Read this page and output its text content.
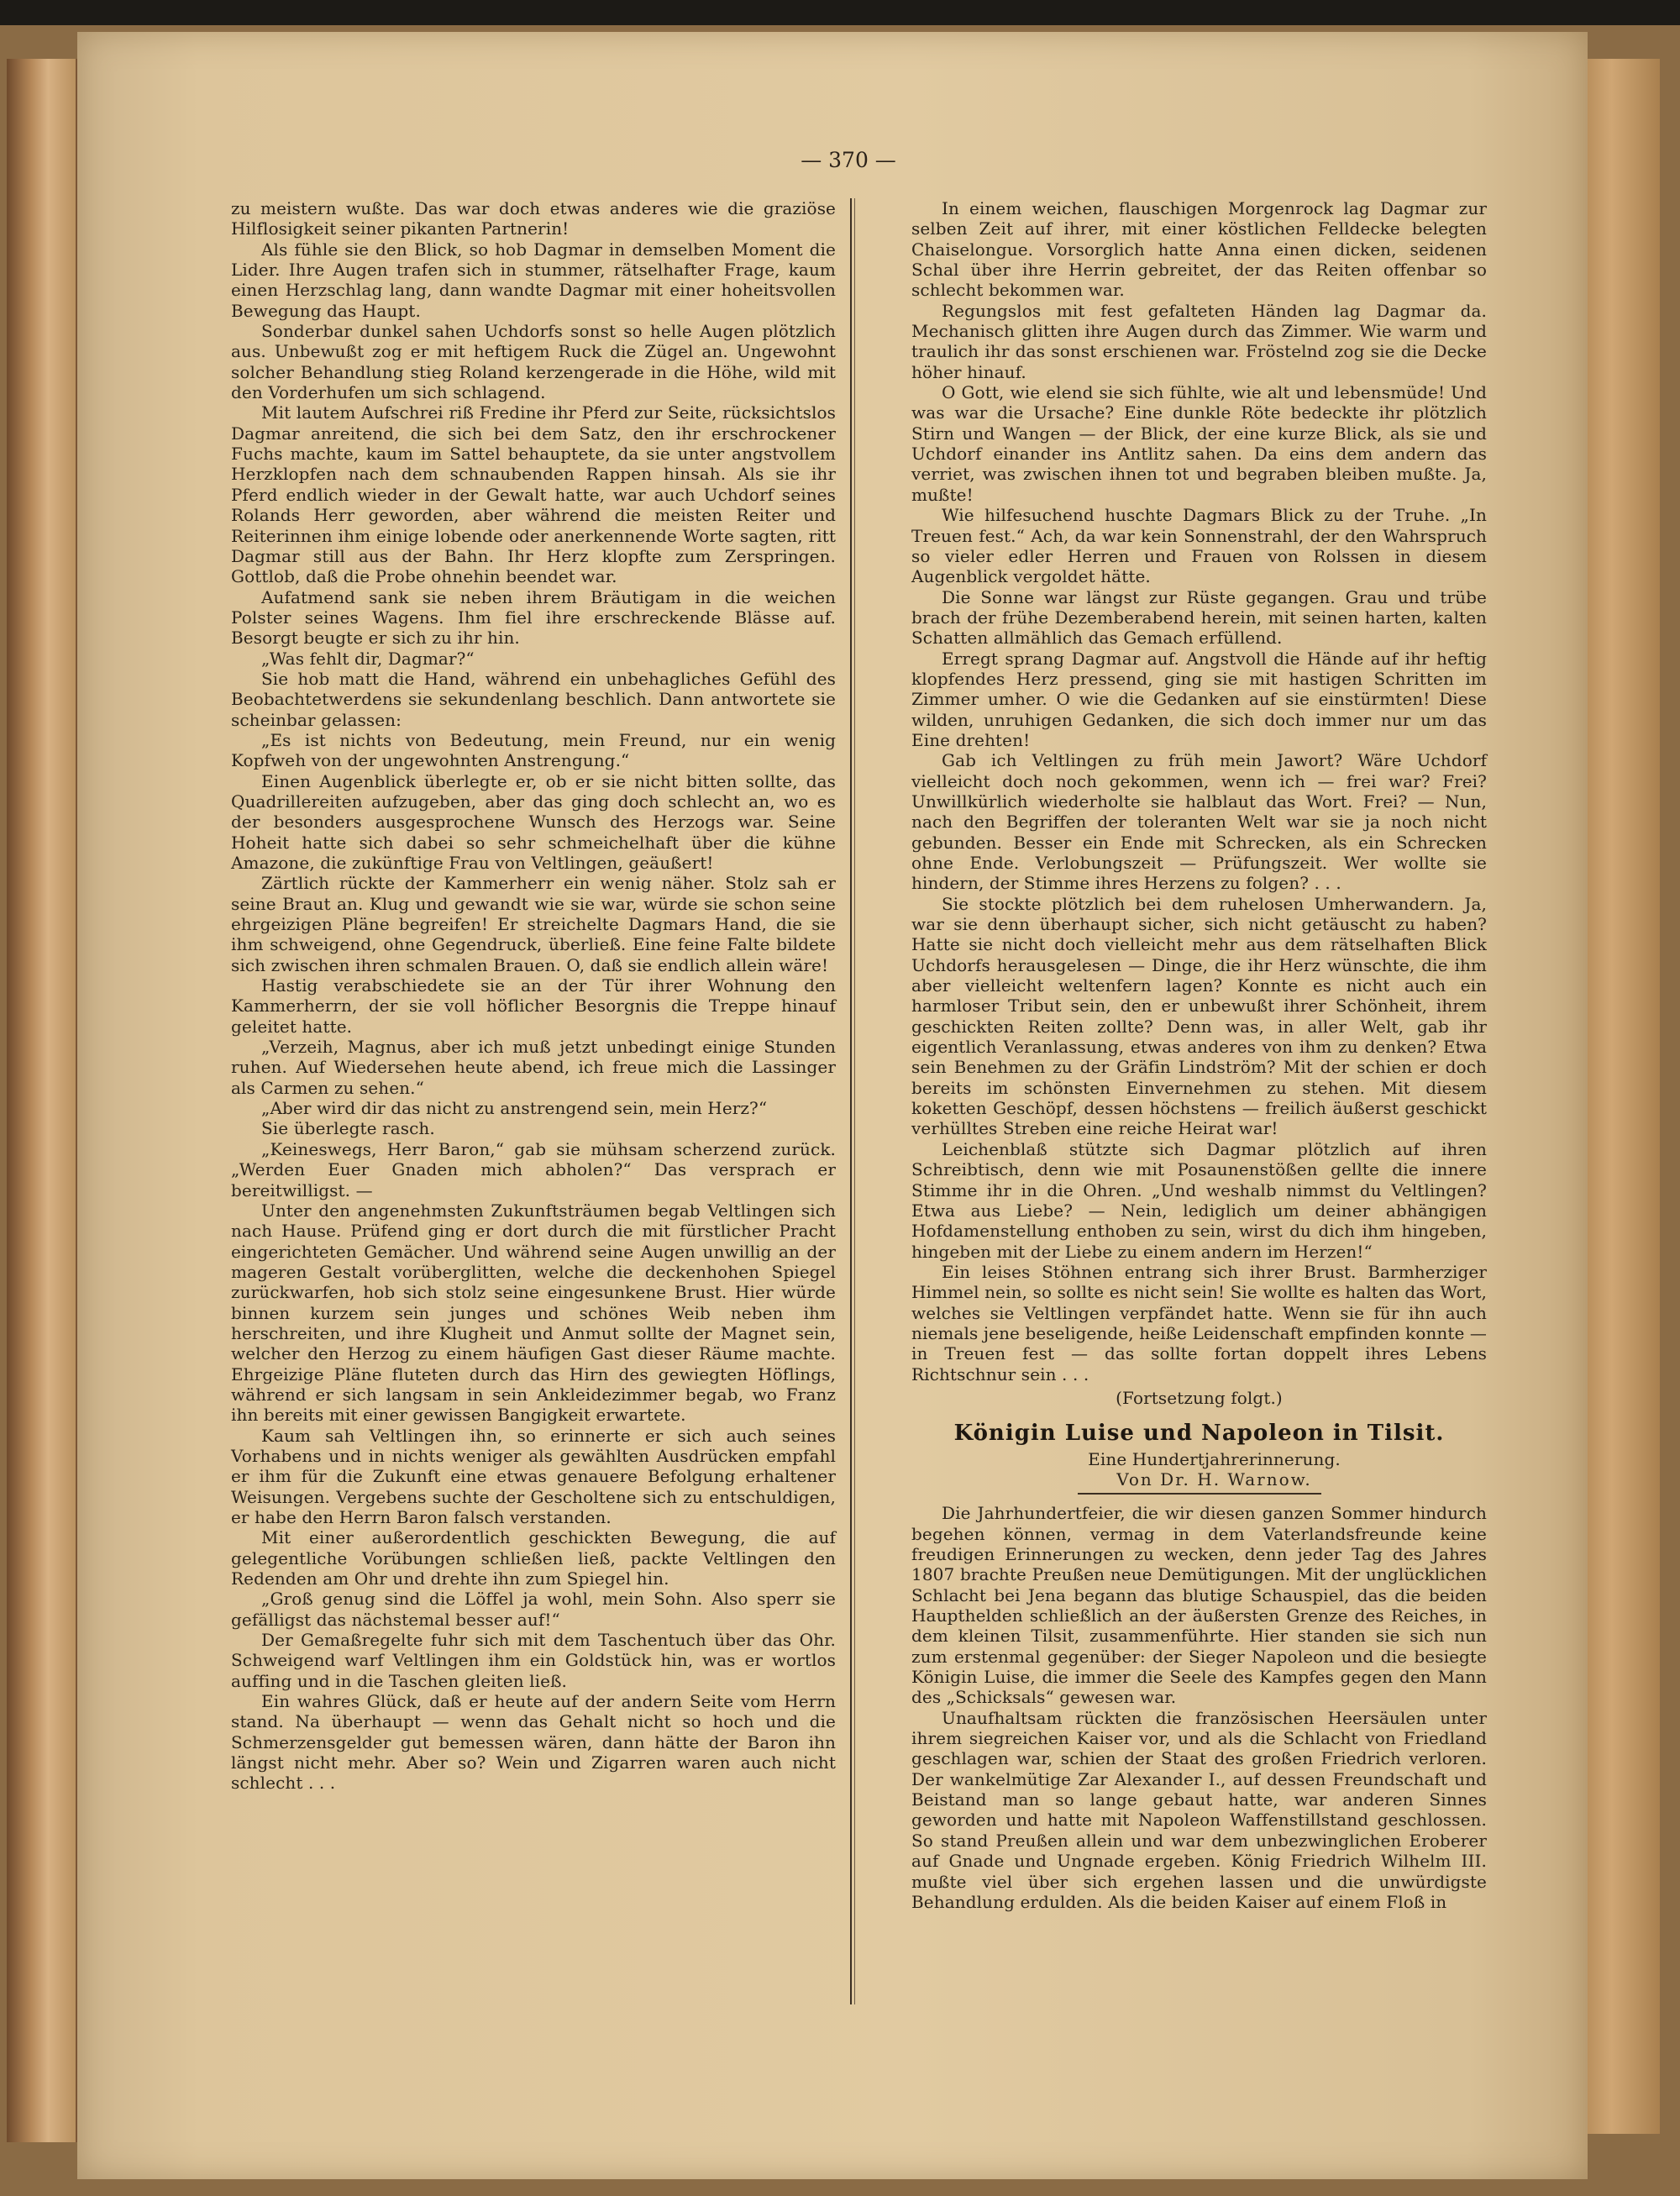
— 370 —

zu meistern wußte. Das war doch etwas anderes wie die graziöse Hilflosigkeit seiner pikanten Partnerin!

Als fühle sie den Blick, so hob Dagmar in demselben Moment die Lider. Ihre Augen trafen sich in stummer, rätselhafter Frage, kaum einen Herzschlag lang, dann wandte Dagmar mit einer hoheitsvollen Bewegung das Haupt.

Sonderbar dunkel sahen Uchdorfs sonst so helle Augen plötzlich aus. Unbewußt zog er mit heftigem Ruck die Zügel an. Ungewohnt solcher Behandlung stieg Roland kerzengerade in die Höhe, wild mit den Vorderhufen um sich schlagend.

Mit lautem Aufschrei riß Fredine ihr Pferd zur Seite, rücksichtslos Dagmar anreitend, die sich bei dem Satz, den ihr erschrockener Fuchs machte, kaum im Sattel behauptete, da sie unter angstvollem Herzklopfen nach dem schnaubenden Rappen hinsah. Als sie ihr Pferd endlich wieder in der Gewalt hatte, war auch Uchdorf seines Rolands Herr geworden, aber während die meisten Reiter und Reiterinnen ihm einige lobende oder anerkennende Worte sagten, ritt Dagmar still aus der Bahn. Ihr Herz klopfte zum Zerspringen. Gottlob, daß die Probe ohnehin beendet war.

Aufatmend sank sie neben ihrem Bräutigam in die weichen Polster seines Wagens. Ihm fiel ihre erschreckende Blässe auf. Besorgt beugte er sich zu ihr hin.

„Was fehlt dir, Dagmar?“

Sie hob matt die Hand, während ein unbehagliches Gefühl des Beobachtetwerdens sie sekundenlang beschlich. Dann antwortete sie scheinbar gelassen:

„Es ist nichts von Bedeutung, mein Freund, nur ein wenig Kopfweh von der ungewohnten Anstrengung.“

Einen Augenblick überlegte er, ob er sie nicht bitten sollte, das Quadrillereiten aufzugeben, aber das ging doch schlecht an, wo es der besonders ausgesprochene Wunsch des Herzogs war. Seine Hoheit hatte sich dabei so sehr schmeichelhaft über die kühne Amazone, die zukünftige Frau von Veltlingen, geäußert!

Zärtlich rückte der Kammerherr ein wenig näher. Stolz sah er seine Braut an. Klug und gewandt wie sie war, würde sie schon seine ehrgeizigen Pläne begreifen! Er streichelte Dagmars Hand, die sie ihm schweigend, ohne Gegendruck, überließ. Eine feine Falte bildete sich zwischen ihren schmalen Brauen. O, daß sie endlich allein wäre!

Hastig verabschiedete sie an der Tür ihrer Wohnung den Kammerherrn, der sie voll höflicher Besorgnis die Treppe hinauf geleitet hatte.

„Verzeih, Magnus, aber ich muß jetzt unbedingt einige Stunden ruhen. Auf Wiedersehen heute abend, ich freue mich die Lassinger als Carmen zu sehen.“

„Aber wird dir das nicht zu anstrengend sein, mein Herz?“

Sie überlegte rasch.

„Keineswegs, Herr Baron,“ gab sie mühsam scherzend zurück. „Werden Euer Gnaden mich abholen?“ Das versprach er bereitwilligst. —

Unter den angenehmsten Zukunftsträumen begab Veltlingen sich nach Hause. Prüfend ging er dort durch die mit fürstlicher Pracht eingerichteten Gemächer. Und während seine Augen unwillig an der mageren Gestalt vorüberglitten, welche die deckenhohen Spiegel zurückwarfen, hob sich stolz seine eingesunkene Brust. Hier würde binnen kurzem sein junges und schönes Weib neben ihm herschreiten, und ihre Klugheit und Anmut sollte der Magnet sein, welcher den Herzog zu einem häufigen Gast dieser Räume machte. Ehrgeizige Pläne fluteten durch das Hirn des gewiegten Höflings, während er sich langsam in sein Ankleidezimmer begab, wo Franz ihn bereits mit einer gewissen Bangigkeit erwartete.

Kaum sah Veltlingen ihn, so erinnerte er sich auch seines Vorhabens und in nichts weniger als gewählten Ausdrücken empfahl er ihm für die Zukunft eine etwas genauere Befolgung erhaltener Weisungen. Vergebens suchte der Gescholtene sich zu entschuldigen, er habe den Herrn Baron falsch verstanden.

Mit einer außerordentlich geschickten Bewegung, die auf gelegentliche Vorübungen schließen ließ, packte Veltlingen den Redenden am Ohr und drehte ihn zum Spiegel hin.

„Groß genug sind die Löffel ja wohl, mein Sohn. Also sperr sie gefälligst das nächstemal besser auf!“

Der Gemaßregelte fuhr sich mit dem Taschentuch über das Ohr. Schweigend warf Veltlingen ihm ein Goldstück hin, was er wortlos auffing und in die Taschen gleiten ließ.

Ein wahres Glück, daß er heute auf der andern Seite vom Herrn stand. Na überhaupt — wenn das Gehalt nicht so hoch und die Schmerzensgelder gut bemessen wären, dann hätte der Baron ihn längst nicht mehr. Aber so? Wein und Zigarren waren auch nicht schlecht . . .

In einem weichen, flauschigen Morgenrock lag Dagmar zur selben Zeit auf ihrer, mit einer köstlichen Felldecke belegten Chaiselongue. Vorsorglich hatte Anna einen dicken, seidenen Schal über ihre Herrin gebreitet, der das Reiten offenbar so schlecht bekommen war.

Regungslos mit fest gefalteten Händen lag Dagmar da. Mechanisch glitten ihre Augen durch das Zimmer. Wie warm und traulich ihr das sonst erschienen war. Fröstelnd zog sie die Decke höher hinauf.

O Gott, wie elend sie sich fühlte, wie alt und lebensmüde! Und was war die Ursache? Eine dunkle Röte bedeckte ihr plötzlich Stirn und Wangen — der Blick, der eine kurze Blick, als sie und Uchdorf einander ins Antlitz sahen. Da eins dem andern das verriet, was zwischen ihnen tot und begraben bleiben mußte. Ja, mußte!

Wie hilfesuchend huschte Dagmars Blick zu der Truhe. „In Treuen fest.“ Ach, da war kein Sonnenstrahl, der den Wahrspruch so vieler edler Herren und Frauen von Rolssen in diesem Augenblick vergoldet hätte.

Die Sonne war längst zur Rüste gegangen. Grau und trübe brach der frühe Dezemberabend herein, mit seinen harten, kalten Schatten allmählich das Gemach erfüllend.

Erregt sprang Dagmar auf. Angstvoll die Hände auf ihr heftig klopfendes Herz pressend, ging sie mit hastigen Schritten im Zimmer umher. O wie die Gedanken auf sie einstürmten! Diese wilden, unruhigen Gedanken, die sich doch immer nur um das Eine drehten!

Gab ich Veltlingen zu früh mein Jawort? Wäre Uchdorf vielleicht doch noch gekommen, wenn ich — frei war? Frei? Unwillkürlich wiederholte sie halblaut das Wort. Frei? — Nun, nach den Begriffen der toleranten Welt war sie ja noch nicht gebunden. Besser ein Ende mit Schrecken, als ein Schrecken ohne Ende. Verlobungszeit — Prüfungszeit. Wer wollte sie hindern, der Stimme ihres Herzens zu folgen? . . .

Sie stockte plötzlich bei dem ruhelosen Umherwandern. Ja, war sie denn überhaupt sicher, sich nicht getäuscht zu haben? Hatte sie nicht doch vielleicht mehr aus dem rätselhaften Blick Uchdorfs herausgelesen — Dinge, die ihr Herz wünschte, die ihm aber vielleicht weltenfern lagen? Konnte es nicht auch ein harmloser Tribut sein, den er unbewußt ihrer Schönheit, ihrem geschickten Reiten zollte? Denn was, in aller Welt, gab ihr eigentlich Veranlassung, etwas anderes von ihm zu denken? Etwa sein Benehmen zu der Gräfin Lindström? Mit der schien er doch bereits im schönsten Einvernehmen zu stehen. Mit diesem koketten Geschöpf, dessen höchstens — freilich äußerst geschickt verhülltes Streben eine reiche Heirat war!

Leichenblaß stützte sich Dagmar plötzlich auf ihren Schreibtisch, denn wie mit Posaunenstößen gellte die innere Stimme ihr in die Ohren. „Und weshalb nimmst du Veltlingen? Etwa aus Liebe? — Nein, lediglich um deiner abhängigen Hofdamenstellung enthoben zu sein, wirst du dich ihm hingeben, hingeben mit der Liebe zu einem andern im Herzen!“

Ein leises Stöhnen entrang sich ihrer Brust. Barmherziger Himmel nein, so sollte es nicht sein! Sie wollte es halten das Wort, welches sie Veltlingen verpfändet hatte. Wenn sie für ihn auch niemals jene beseligende, heiße Leidenschaft empfinden konnte — in Treuen fest — das sollte fortan doppelt ihres Lebens Richtschnur sein . . .

(Fortsetzung folgt.)

Königin Luise und Napoleon in Tilsit.

Eine Hundertjahrerinnerung.

Von Dr. H. Warnow.

Die Jahrhundertfeier, die wir diesen ganzen Sommer hindurch begehen können, vermag in dem Vaterlandsfreunde keine freudigen Erinnerungen zu wecken, denn jeder Tag des Jahres 1807 brachte Preußen neue Demütigungen. Mit der unglücklichen Schlacht bei Jena begann das blutige Schauspiel, das die beiden Haupthelden schließlich an der äußersten Grenze des Reiches, in dem kleinen Tilsit, zusammenführte. Hier standen sie sich nun zum erstenmal gegenüber: der Sieger Napoleon und die besiegte Königin Luise, die immer die Seele des Kampfes gegen den Mann des „Schicksals“ gewesen war.

Unaufhaltsam rückten die französischen Heersäulen unter ihrem siegreichen Kaiser vor, und als die Schlacht von Friedland geschlagen war, schien der Staat des großen Friedrich verloren. Der wankelmütige Zar Alexander I., auf dessen Freundschaft und Beistand man so lange gebaut hatte, war anderen Sinnes geworden und hatte mit Napoleon Waffenstillstand geschlossen. So stand Preußen allein und war dem unbezwinglichen Eroberer auf Gnade und Ungnade ergeben. König Friedrich Wilhelm III. mußte viel über sich ergehen lassen und die unwürdigste Behandlung erdulden. Als die beiden Kaiser auf einem Floß in
